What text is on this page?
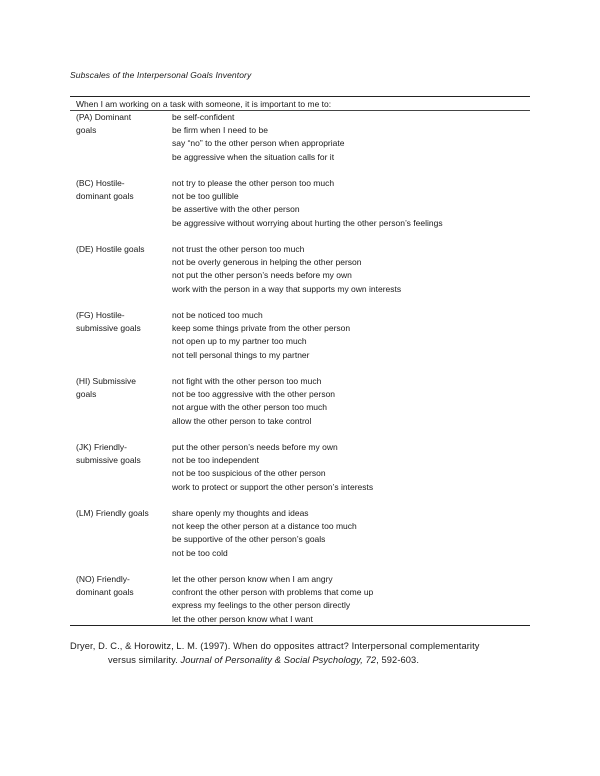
Subscales of the Interpersonal Goals Inventory
When I am working on a task with someone, it is important to me to:
(PA) Dominant
goals
be self-confident
be firm when I need to be
say “no” to the other person when appropriate
be aggressive when the situation calls for it
(BC) Hostile-
dominant goals
not try to please the other person too much
not be too gullible
be assertive with the other person
be aggressive without worrying about hurting the other person’s feelings
(DE) Hostile goals	not trust the other person too much
not be overly generous in helping the other person
not put the other person’s needs before my own
work with the person in a way that supports my own interests
(FG) Hostile-
submissive goals
not be noticed too much
keep some things private from the other person
not open up to my partner too much
not tell personal things to my partner
(HI) Submissive
goals
not fight with the other person too much
not be too aggressive with the other person
not argue with the other person too much
allow the other person to take control
(JK) Friendly-
submissive goals
put the other person’s needs before my own
not be too independent
not be too suspicious of the other person
work to protect or support the other person’s interests
(LM) Friendly goals	share openly my thoughts and ideas
not keep the other person at a distance too much
be supportive of the other person’s goals
not be too cold
(NO) Friendly-
dominant goals
let the other person know when I am angry
confront the other person with problems that come up
express my feelings to the other person directly
let the other person know what I want
Dryer, D. C., & Horowitz, L. M. (1997). When do opposites attract? Interpersonal complementarity
versus similarity. Journal of Personality & Social Psychology, 72, 592-603.
